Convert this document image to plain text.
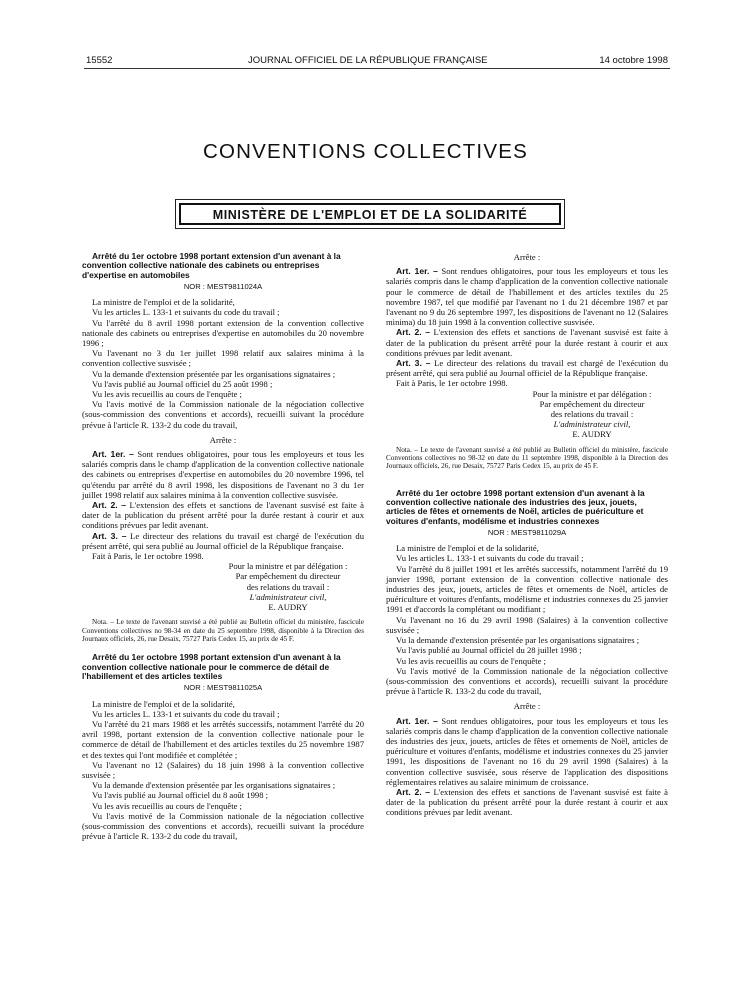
15552	JOURNAL OFFICIEL DE LA RÉPUBLIQUE FRANÇAISE	14 octobre 1998
CONVENTIONS COLLECTIVES
MINISTÈRE DE L'EMPLOI ET DE LA SOLIDARITÉ

Arrêté du 1er octobre 1998 portant extension d'un avenant à la convention collective nationale des cabinets ou entreprises d'expertise en automobiles

NOR : MEST9811024A

La ministre de l'emploi et de la solidarité,

Vu les articles L. 133-1 et suivants du code du travail ;

Vu l'arrêté du 8 avril 1998 portant extension de la convention collective nationale des cabinets ou entreprises d'expertise en automobiles du 20 novembre 1996 ;

Vu l'avenant no 3 du 1er juillet 1998 relatif aux salaires minima à la convention collective susvisée ;

Vu la demande d'extension présentée par les organisations signataires ;

Vu l'avis publié au Journal officiel du 25 août 1998 ;

Vu les avis recueillis au cours de l'enquête ;

Vu l'avis motivé de la Commission nationale de la négociation collective (sous-commission des conventions et accords), recueilli suivant la procédure prévue à l'article R. 133-2 du code du travail,

Arrête :

Art. 1er. – Sont rendues obligatoires, pour tous les employeurs et tous les salariés compris dans le champ d'application de la convention collective nationale des cabinets ou entreprises d'expertise en automobiles du 20 novembre 1996, tel qu'étendu par arrêté du 8 avril 1998, les dispositions de l'avenant no 3 du 1er juillet 1998 relatif aux salaires minima à la convention collective susvisée.

Art. 2. – L'extension des effets et sanctions de l'avenant susvisé est faite à dater de la publication du présent arrêté pour la durée restant à courir et aux conditions prévues par ledit avenant.

Art. 3. – Le directeur des relations du travail est chargé de l'exécution du présent arrêté, qui sera publié au Journal officiel de la République française.

Fait à Paris, le 1er octobre 1998.

Pour la ministre et par délégation :

Par empêchement du directeur

des relations du travail :

L'administrateur civil,

E. AUDRY

Nota. – Le texte de l'avenant susvisé a été publié au Bulletin officiel du ministère, fascicule Conventions collectives no 98-34 en date du 25 septembre 1998, disponible à la Direction des Journaux officiels, 26, rue Desaix, 75727 Paris Cedex 15, au prix de 45 F.

Arrêté du 1er octobre 1998 portant extension d'un avenant à la convention collective nationale pour le commerce de détail de l'habillement et des articles textiles

NOR : MEST9811025A

La ministre de l'emploi et de la solidarité,

Vu les articles L. 133-1 et suivants du code du travail ;

Vu l'arrêté du 21 mars 1988 et les arrêtés successifs, notamment l'arrêté du 20 avril 1998, portant extension de la convention collective nationale pour le commerce de détail de l'habillement et des articles textiles du 25 novembre 1987 et des textes qui l'ont modifiée et complétée ;

Vu l'avenant no 12 (Salaires) du 18 juin 1998 à la convention collective susvisée ;

Vu la demande d'extension présentée par les organisations signataires ;

Vu l'avis publié au Journal officiel du 8 août 1998 ;

Vu les avis recueillis au cours de l'enquête ;

Vu l'avis motivé de la Commission nationale de la négociation collective (sous-commission des conventions et accords), recueilli suivant la procédure prévue à l'article R. 133-2 du code du travail,

Arrête :

Art. 1er. – Sont rendues obligatoires, pour tous les employeurs et tous les salariés compris dans le champ d'application de la convention collective nationale pour le commerce de détail de l'habillement et des articles textiles du 25 novembre 1987, tel que modifié par l'avenant no 1 du 21 décembre 1987 et par l'avenant no 9 du 26 septembre 1997, les dispositions de l'avenant no 12 (Salaires minima) du 18 juin 1998 à la convention collective susvisée.

Art. 2. – L'extension des effets et sanctions de l'avenant susvisé est faite à dater de la publication du présent arrêté pour la durée restant à courir et aux conditions prévues par ledit avenant.

Art. 3. – Le directeur des relations du travail est chargé de l'exécution du présent arrêté, qui sera publié au Journal officiel de la République française.

Fait à Paris, le 1er octobre 1998.

Pour la ministre et par délégation :

Par empêchement du directeur

des relations du travail :

L'administrateur civil,

E. AUDRY

Nota. – Le texte de l'avenant susvisé a été publié au Bulletin officiel du ministère, fascicule Conventions collectives no 98-32 en date du 11 septembre 1998, disponible à la Direction des Journaux officiels, 26, rue Desaix, 75727 Paris Cedex 15, au prix de 45 F.

Arrêté du 1er octobre 1998 portant extension d'un avenant à la convention collective nationale des industries des jeux, jouets, articles de fêtes et ornements de Noël, articles de puériculture et voitures d'enfants, modélisme et industries connexes

NOR : MEST9811029A

La ministre de l'emploi et de la solidarité,

Vu les articles L. 133-1 et suivants du code du travail ;

Vu l'arrêté du 8 juillet 1991 et les arrêtés successifs, notamment l'arrêté du 19 janvier 1998, portant extension de la convention collective nationale des industries des jeux, jouets, articles de fêtes et ornements de Noël, articles de puériculture et voitures d'enfants, modélisme et industries connexes du 25 janvier 1991 et d'accords la complétant ou modifiant ;

Vu l'avenant no 16 du 29 avril 1998 (Salaires) à la convention collective susvisée ;

Vu la demande d'extension présentée par les organisations signataires ;

Vu l'avis publié au Journal officiel du 28 juillet 1998 ;

Vu les avis recueillis au cours de l'enquête ;

Vu l'avis motivé de la Commission nationale de la négociation collective (sous-commission des conventions et accords), recueilli suivant la procédure prévue à l'article R. 133-2 du code du travail,

Arrête :

Art. 1er. – Sont rendues obligatoires, pour tous les employeurs et tous les salariés compris dans le champ d'application de la convention collective nationale des industries des jeux, jouets, articles de fêtes et ornements de Noël, articles de puériculture et voitures d'enfants, modélisme et industries connexes du 25 janvier 1991, les dispositions de l'avenant no 16 du 29 avril 1998 (Salaires) à la convention collective susvisée, sous réserve de l'application des dispositions réglementaires relatives au salaire minimum de croissance.

Art. 2. – L'extension des effets et sanctions de l'avenant susvisé est faite à dater de la publication du présent arrêté pour la durée restant à courir et aux conditions prévues par ledit avenant.
